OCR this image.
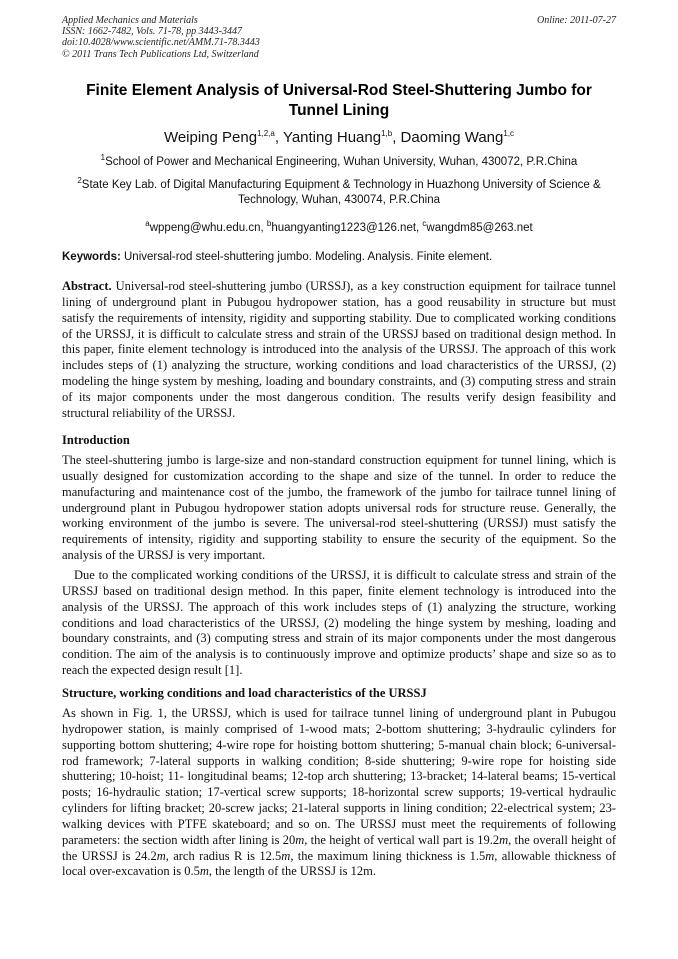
Applied Mechanics and Materials
ISSN: 1662-7482, Vols. 71-78, pp 3443-3447
doi:10.4028/www.scientific.net/AMM.71-78.3443
© 2011 Trans Tech Publications Ltd, Switzerland
Online: 2011-07-27
Finite Element Analysis of Universal-Rod Steel-Shuttering Jumbo for Tunnel Lining
Weiping Peng$^{1,2,a}$, Yanting Huang$^{1,b}$, Daoming Wang$^{1,c}$
$^1$School of Power and Mechanical Engineering, Wuhan University, Wuhan, 430072, P.R.China
$^2$State Key Lab. of Digital Manufacturing Equipment & Technology in Huazhong University of Science & Technology, Wuhan, 430074, P.R.China
$^a$wppeng@whu.edu.cn, $^b$huangyanting1223@126.net, $^c$wangdm85@263.net
Keywords: Universal-rod steel-shuttering jumbo. Modeling. Analysis. Finite element.

Abstract. Universal-rod steel-shuttering jumbo (URSSJ), as a key construction equipment for tailrace tunnel lining of underground plant in Pubugou hydropower station, has a good reusability in structure but must satisfy the requirements of intensity, rigidity and supporting stability. Due to complicated working conditions of the URSSJ, it is difficult to calculate stress and strain of the URSSJ based on traditional design method. In this paper, finite element technology is introduced into the analysis of the URSSJ. The approach of this work includes steps of (1) analyzing the structure, working conditions and load characteristics of the URSSJ, (2) modeling the hinge system by meshing, loading and boundary constraints, and (3) computing stress and strain of its major components under the most dangerous condition. The results verify design feasibility and structural reliability of the URSSJ.

Introduction

The steel-shuttering jumbo is large-size and non-standard construction equipment for tunnel lining, which is usually designed for customization according to the shape and size of the tunnel. In order to reduce the manufacturing and maintenance cost of the jumbo, the framework of the jumbo for tailrace tunnel lining of underground plant in Pubugou hydropower station adopts universal rods for structure reuse. Generally, the working environment of the jumbo is severe. The universal-rod steel-shuttering (URSSJ) must satisfy the requirements of intensity, rigidity and supporting stability to ensure the security of the equipment. So the analysis of the URSSJ is very important.

Due to the complicated working conditions of the URSSJ, it is difficult to calculate stress and strain of the URSSJ based on traditional design method. In this paper, finite element technology is introduced into the analysis of the URSSJ. The approach of this work includes steps of (1) analyzing the structure, working conditions and load characteristics of the URSSJ, (2) modeling the hinge system by meshing, loading and boundary constraints, and (3) computing stress and strain of its major components under the most dangerous condition. The aim of the analysis is to continuously improve and optimize products’ shape and size so as to reach the expected design result [1].

Structure, working conditions and load characteristics of the URSSJ

As shown in Fig. 1, the URSSJ, which is used for tailrace tunnel lining of underground plant in Pubugou hydropower station, is mainly comprised of 1-wood mats; 2-bottom shuttering; 3-hydraulic cylinders for supporting bottom shuttering; 4-wire rope for hoisting bottom shuttering; 5-manual chain block; 6-universal-rod framework; 7-lateral supports in walking condition; 8-side shuttering; 9-wire rope for hoisting side shuttering; 10-hoist; 11- longitudinal beams; 12-top arch shuttering; 13-bracket; 14-lateral beams; 15-vertical posts; 16-hydraulic station; 17-vertical screw supports; 18-horizontal screw supports; 19-vertical hydraulic cylinders for lifting bracket; 20-screw jacks; 21-lateral supports in lining condition; 22-electrical system; 23-walking devices with PTFE skateboard; and so on. The URSSJ must meet the requirements of following parameters: the section width after lining is 20m, the height of vertical wall part is 19.2m, the overall height of the URSSJ is 24.2m, arch radius R is 12.5m, the maximum lining thickness is 1.5m, allowable thickness of local over-excavation is 0.5m, the length of the URSSJ is 12m.
